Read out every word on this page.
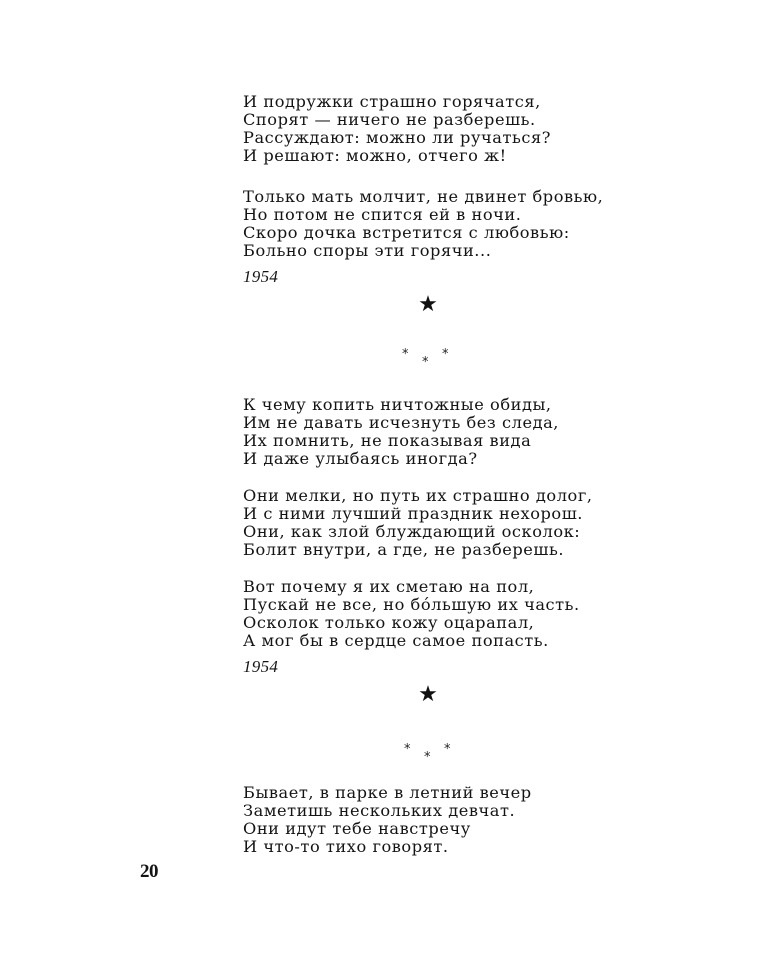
И подружки страшно горячатся,
Спорят — ничего не разберешь.
Рассуждают: можно ли ручаться?
И решают: можно, отчего ж!
Только мать молчит, не двинет бровью,
Но потом не спится ей в ночи.
Скоро дочка встретится с любовью:
Больно споры эти горячи...
1954
★
*
*
*
К чему копить ничтожные обиды,
Им не давать исчезнуть без следа,
Их помнить, не показывая вида
И даже улыбаясь иногда?
Они мелки, но путь их страшно долог,
И с ними лучший праздник нехорош.
Они, как злой блуждающий осколок:
Болит внутри, а где, не разберешь.
Вот почему я их сметаю на пол,
Пускай не все, но бóльшую их часть.
Осколок только кожу оцарапал,
А мог бы в сердце самое попасть.
1954
★
*
*
*
Бывает, в парке в летний вечер
Заметишь нескольких девчат.
Они идут тебе навстречу
И что-то тихо говорят.
20
